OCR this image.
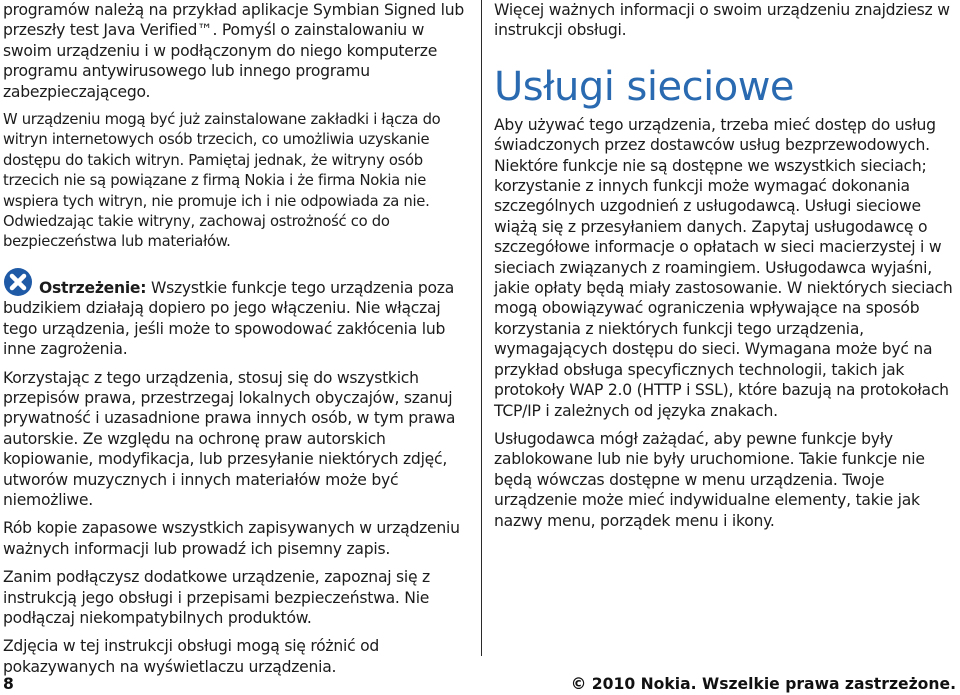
programów należą na przykład aplikacje Symbian Signed lub przeszły test Java Verified™. Pomyśl o zainstalowaniu w swoim urządzeniu i w podłączonym do niego komputerze programu antywirusowego lub innego programu zabezpieczającego.

W urządzeniu mogą być już zainstalowane zakładki i łącza do witryn internetowych osób trzecich, co umożliwia uzyskanie dostępu do takich witryn. Pamiętaj jednak, że witryny osób trzecich nie są powiązane z firmą Nokia i że firma Nokia nie wspiera tych witryn, nie promuje ich i nie odpowiada za nie. Odwiedzając takie witryny, zachowaj ostrożność co do bezpieczeństwa lub materiałów.

Ostrzeżenie: Wszystkie funkcje tego urządzenia poza budzikiem działają dopiero po jego włączeniu. Nie włączaj tego urządzenia, jeśli może to spowodować zakłócenia lub inne zagrożenia.

Korzystając z tego urządzenia, stosuj się do wszystkich przepisów prawa, przestrzegaj lokalnych obyczajów, szanuj prywatność i uzasadnione prawa innych osób, w tym prawa autorskie. Ze względu na ochronę praw autorskich kopiowanie, modyfikacja, lub przesyłanie niektórych zdjęć, utworów muzycznych i innych materiałów może być niemożliwe.

Rób kopie zapasowe wszystkich zapisywanych w urządzeniu ważnych informacji lub prowadź ich pisemny zapis.

Zanim podłączysz dodatkowe urządzenie, zapoznaj się z instrukcją jego obsługi i przepisami bezpieczeństwa. Nie podłączaj niekompatybilnych produktów.

Zdjęcia w tej instrukcji obsługi mogą się różnić od pokazywanych na wyświetlaczu urządzenia.

Więcej ważnych informacji o swoim urządzeniu znajdziesz w instrukcji obsługi.

Usługi sieciowe

Aby używać tego urządzenia, trzeba mieć dostęp do usług świadczonych przez dostawców usług bezprzewodowych. Niektóre funkcje nie są dostępne we wszystkich sieciach; korzystanie z innych funkcji może wymagać dokonania szczególnych uzgodnień z usługodawcą. Usługi sieciowe wiążą się z przesyłaniem danych. Zapytaj usługodawcę o szczegółowe informacje o opłatach w sieci macierzystej i w sieciach związanych z roamingiem. Usługodawca wyjaśni, jakie opłaty będą miały zastosowanie. W niektórych sieciach mogą obowiązywać ograniczenia wpływające na sposób korzystania z niektórych funkcji tego urządzenia, wymagających dostępu do sieci. Wymagana może być na przykład obsługa specyficznych technologii, takich jak protokoły WAP 2.0 (HTTP i SSL), które bazują na protokołach TCP/IP i zależnych od języka znakach.

Usługodawca mógł zażądać, aby pewne funkcje były zablokowane lub nie były uruchomione. Takie funkcje nie będą wówczas dostępne w menu urządzenia. Twoje urządzenie może mieć indywidualne elementy, takie jak nazwy menu, porządek menu i ikony.

8	© 2010 Nokia. Wszelkie prawa zastrzeżone.
